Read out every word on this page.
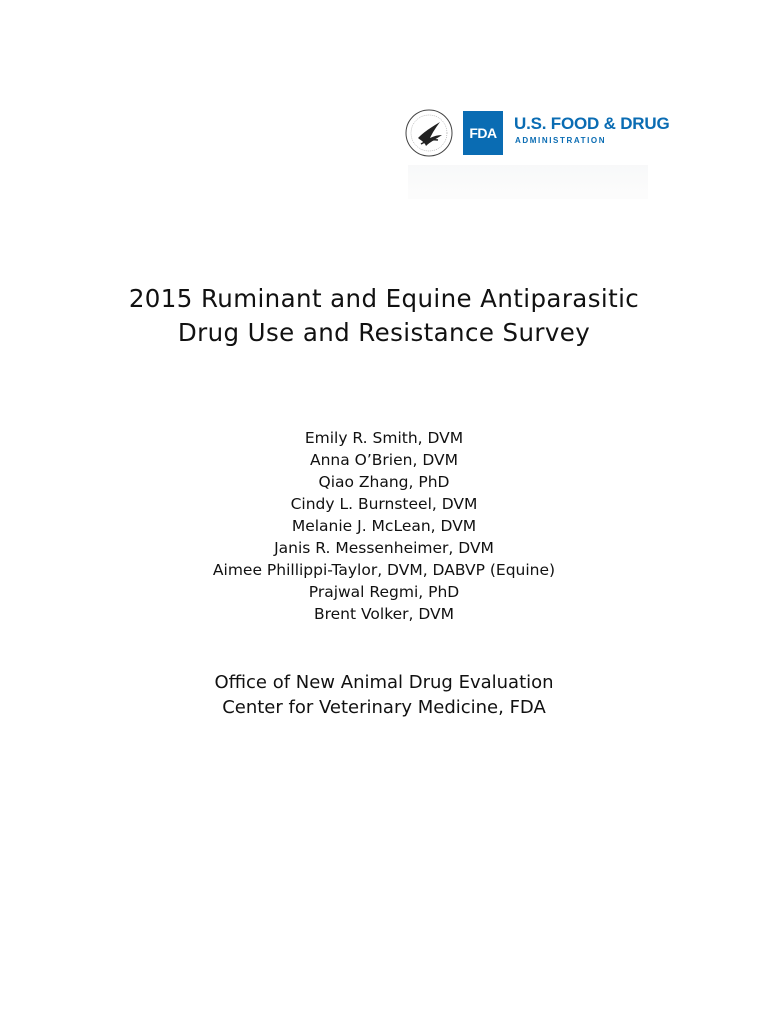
FDA	U.S. FOOD & DRUG
ADMINISTRATION
2015 Ruminant and Equine Antiparasitic
Drug Use and Resistance Survey
Emily R. Smith, DVM
Anna O’Brien, DVM
Qiao Zhang, PhD
Cindy L. Burnsteel, DVM
Melanie J. McLean, DVM
Janis R. Messenheimer, DVM
Aimee Phillippi-Taylor, DVM, DABVP (Equine)
Prajwal Regmi, PhD
Brent Volker, DVM
Office of New Animal Drug Evaluation
Center for Veterinary Medicine, FDA
